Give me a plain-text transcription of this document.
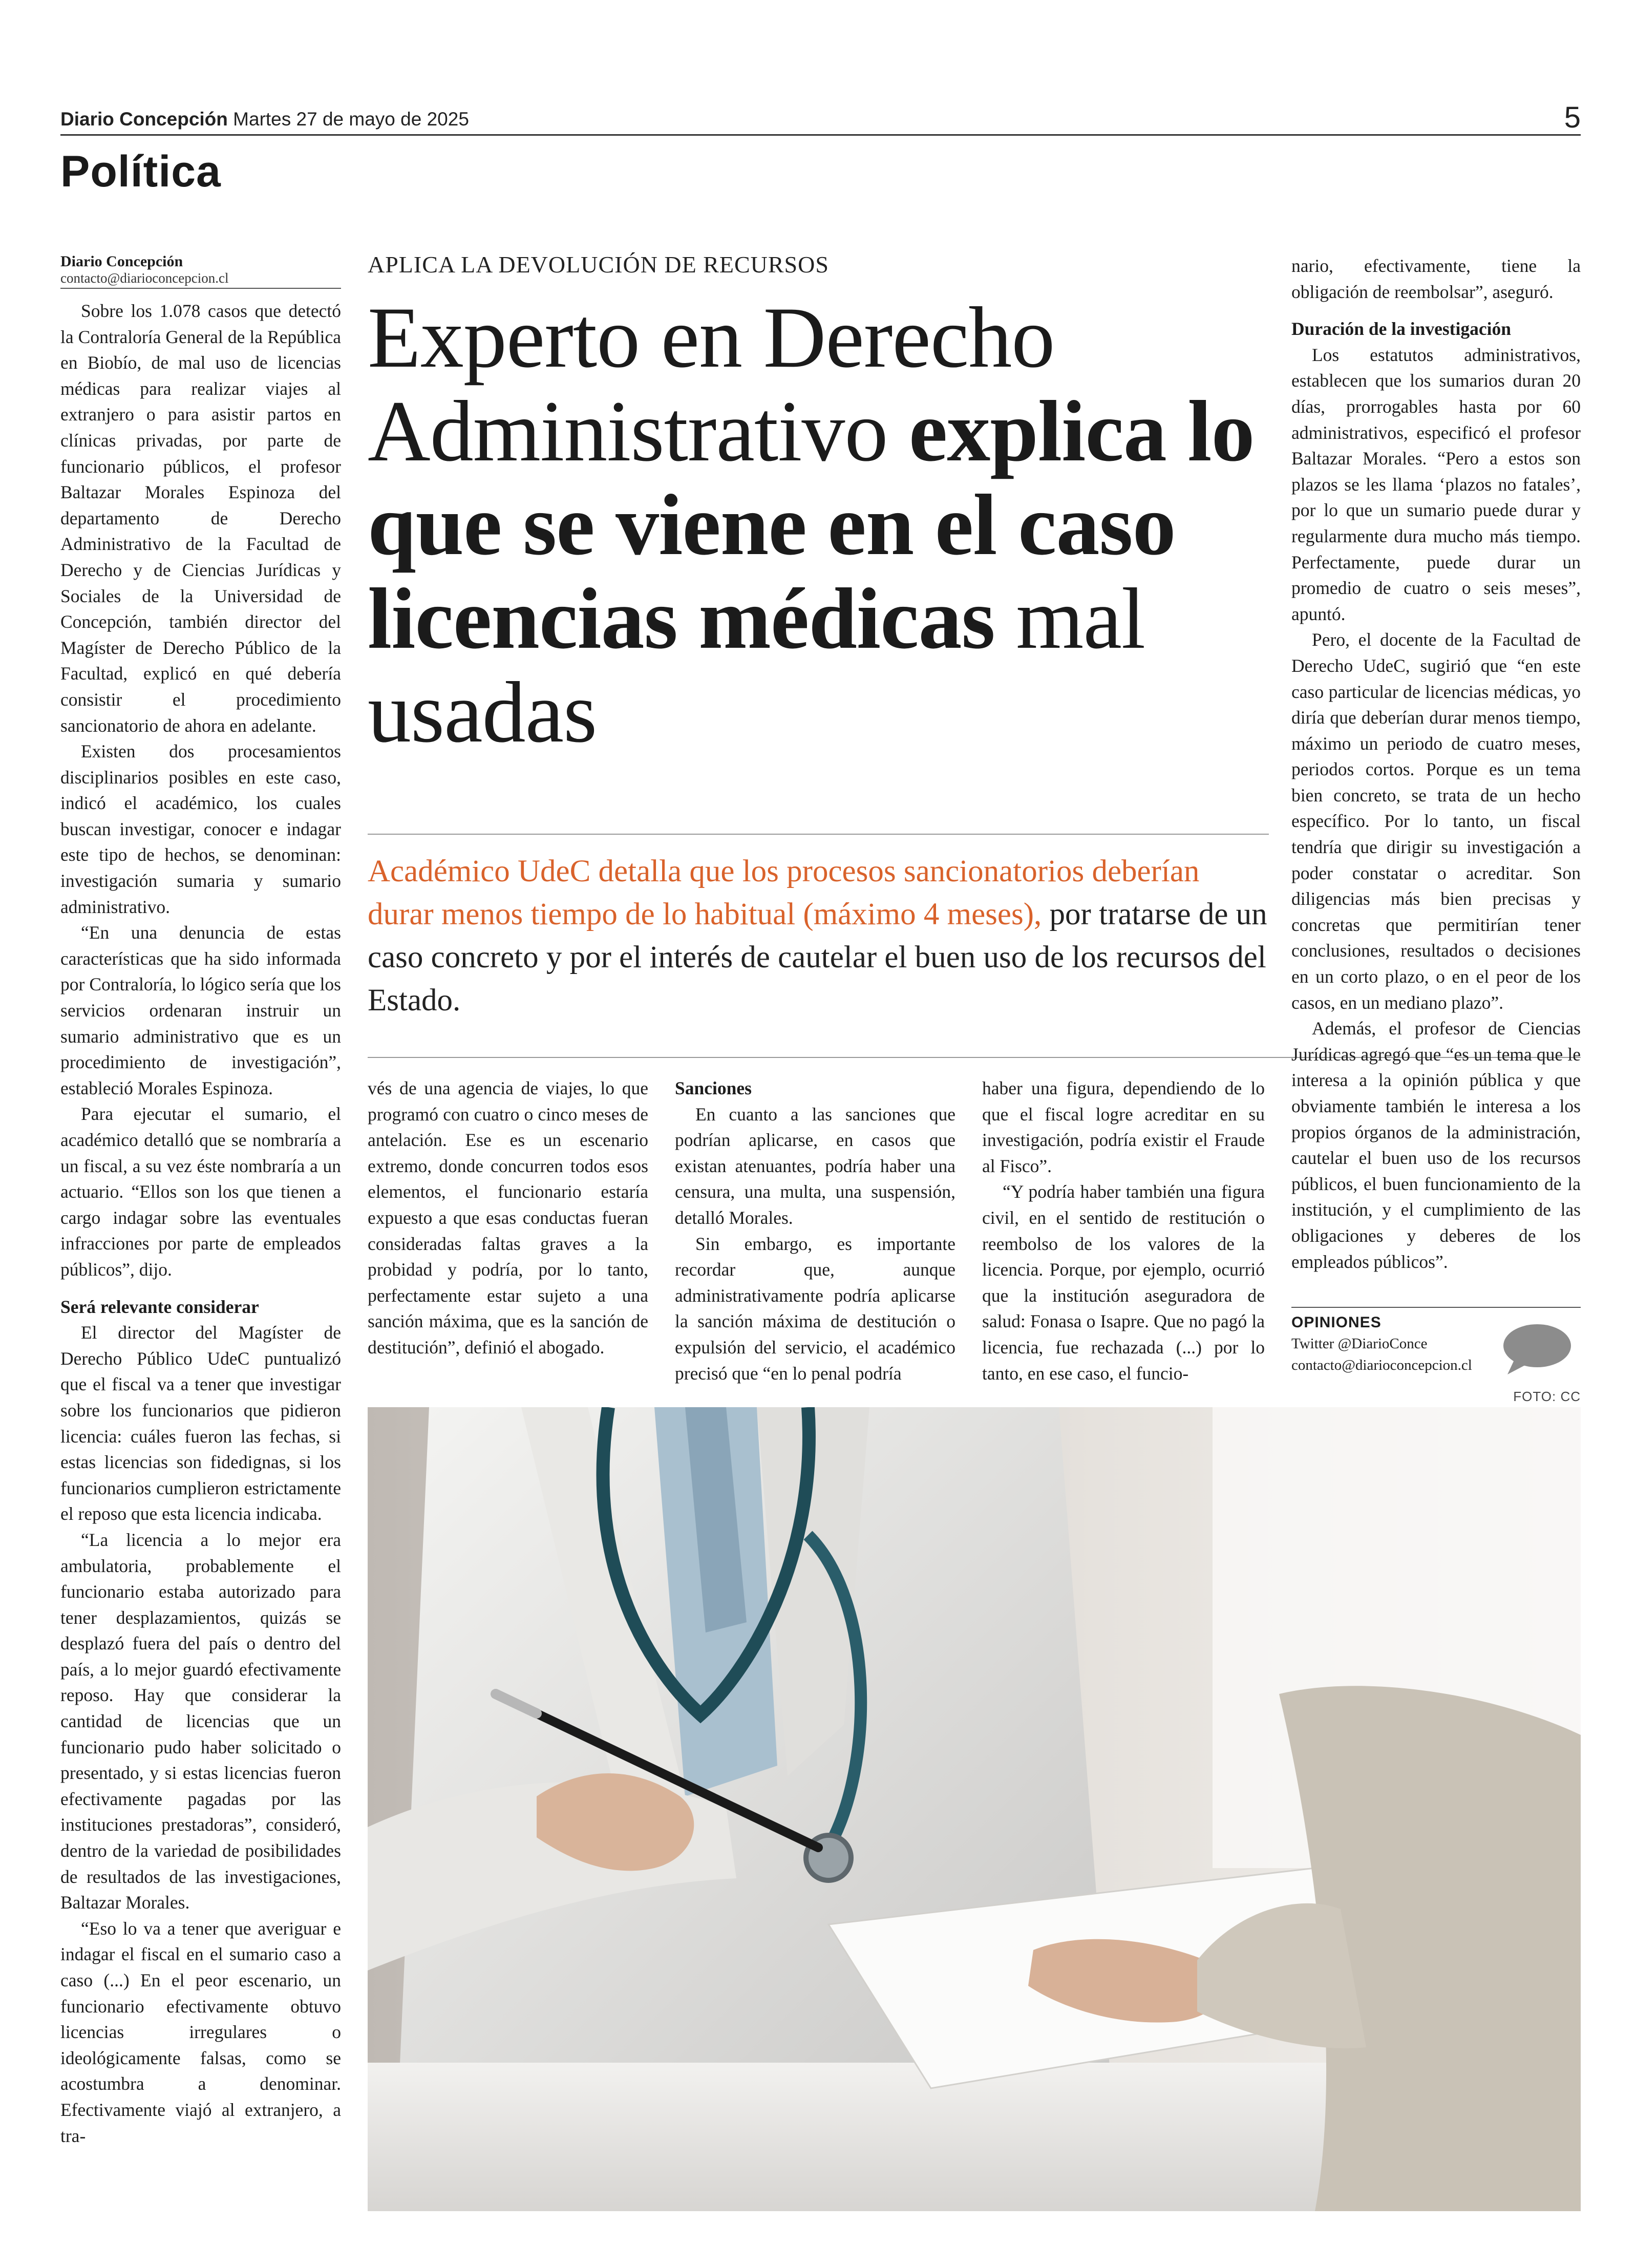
Diario Concepción Martes 27 de mayo de 2025	5
Política
Diario Concepción
contacto@diarioconcepcion.cl

Sobre los 1.078 casos que detectó la Contraloría General de la República en Biobío, de mal uso de licencias médicas para realizar viajes al extranjero o para asistir partos en clínicas privadas, por parte de funcionario públicos, el profesor Baltazar Morales Espinoza del departamento de Derecho Administrativo de la Facultad de Derecho y de Ciencias Jurídicas y Sociales de la Universidad de Concepción, también director del Magíster de Derecho Público de la Facultad, explicó en qué debería consistir el procedimiento sancionatorio de ahora en adelante.

Existen dos procesamientos disciplinarios posibles en este caso, indicó el académico, los cuales buscan investigar, conocer e indagar este tipo de hechos, se denominan: investigación sumaria y sumario administrativo.

“En una denuncia de estas características que ha sido informada por Contraloría, lo lógico sería que los servicios ordenaran instruir un sumario administrativo que es un procedimiento de investigación”, estableció Morales Espinoza.

Para ejecutar el sumario, el académico detalló que se nombraría a un fiscal, a su vez éste nombraría a un actuario. “Ellos son los que tienen a cargo indagar sobre las eventuales infracciones por parte de empleados públicos”, dijo.

Será relevante considerar

El director del Magíster de Derecho Público UdeC puntualizó que el fiscal va a tener que investigar sobre los funcionarios que pidieron licencia: cuáles fueron las fechas, si estas licencias son fidedignas, si los funcionarios cumplieron estrictamente el reposo que esta licencia indicaba.

“La licencia a lo mejor era ambulatoria, probablemente el funcionario estaba autorizado para tener desplazamientos, quizás se desplazó fuera del país o dentro del país, a lo mejor guardó efectivamente reposo. Hay que considerar la cantidad de licencias que un funcionario pudo haber solicitado o presentado, y si estas licencias fueron efectivamente pagadas por las instituciones prestadoras”, consideró, dentro de la variedad de posibilidades de resultados de las investigaciones, Baltazar Morales.

“Eso lo va a tener que averiguar e indagar el fiscal en el sumario caso a caso (...) En el peor escenario, un funcionario efectivamente obtuvo licencias irregulares o ideológicamente falsas, como se acostumbra a denominar. Efectivamente viajó al extranjero, a tra-

APLICA LA DEVOLUCIÓN DE RECURSOS
Experto en Derecho Administrativo explica lo que se viene en el caso licencias médicas mal usadas
Académico UdeC detalla que los procesos sancionatorios deberían durar menos tiempo de lo habitual (máximo 4 meses), por tratarse de un caso concreto y por el interés de cautelar el buen uso de los recursos del Estado.

vés de una agencia de viajes, lo que programó con cuatro o cinco meses de antelación. Ese es un escenario extremo, donde concurren todos esos elementos, el funcionario estaría expuesto a que esas conductas fueran consideradas faltas graves a la probidad y podría, por lo tanto, perfectamente estar sujeto a una sanción máxima, que es la sanción de destitución”, definió el abogado.

Sanciones

En cuanto a las sanciones que podrían aplicarse, en casos que existan atenuantes, podría haber una censura, una multa, una suspensión, detalló Morales.

Sin embargo, es importante recordar que, aunque administrativamente podría aplicarse la sanción máxima de destitución o expulsión del servicio, el académico precisó que “en lo penal podría

haber una figura, dependiendo de lo que el fiscal logre acreditar en su investigación, podría existir el Fraude al Fisco”.

“Y podría haber también una figura civil, en el sentido de restitución o reembolso de los valores de la licencia. Porque, por ejemplo, ocurrió que la institución aseguradora de salud: Fonasa o Isapre. Que no pagó la licencia, fue rechazada (...) por lo tanto, en ese caso, el funcio-

nario, efectivamente, tiene la obligación de reembolsar”, aseguró.

Duración de la investigación

Los estatutos administrativos, establecen que los sumarios duran 20 días, prorrogables hasta por 60 administrativos, especificó el profesor Baltazar Morales. “Pero a estos son plazos se les llama ‘plazos no fatales’, por lo que un sumario puede durar y regularmente dura mucho más tiempo. Perfectamente, puede durar un promedio de cuatro o seis meses”, apuntó.

Pero, el docente de la Facultad de Derecho UdeC, sugirió que “en este caso particular de licencias médicas, yo diría que deberían durar menos tiempo, máximo un periodo de cuatro meses, periodos cortos. Porque es un tema bien concreto, se trata de un hecho específico. Por lo tanto, un fiscal tendría que dirigir su investigación a poder constatar o acreditar. Son diligencias más bien precisas y concretas que permitirían tener conclusiones, resultados o decisiones en un corto plazo, o en el peor de los casos, en un mediano plazo”.

Además, el profesor de Ciencias Jurídicas agregó que “es un tema que le interesa a la opinión pública y que obviamente también le interesa a los propios órganos de la administración, cautelar el buen uso de los recursos públicos, el buen funcionamiento de la institución, y el cumplimiento de las obligaciones y deberes de los empleados públicos”.

OPINIONES
Twitter @DiarioConce
contacto@diarioconcepcion.cl
FOTO: CC
